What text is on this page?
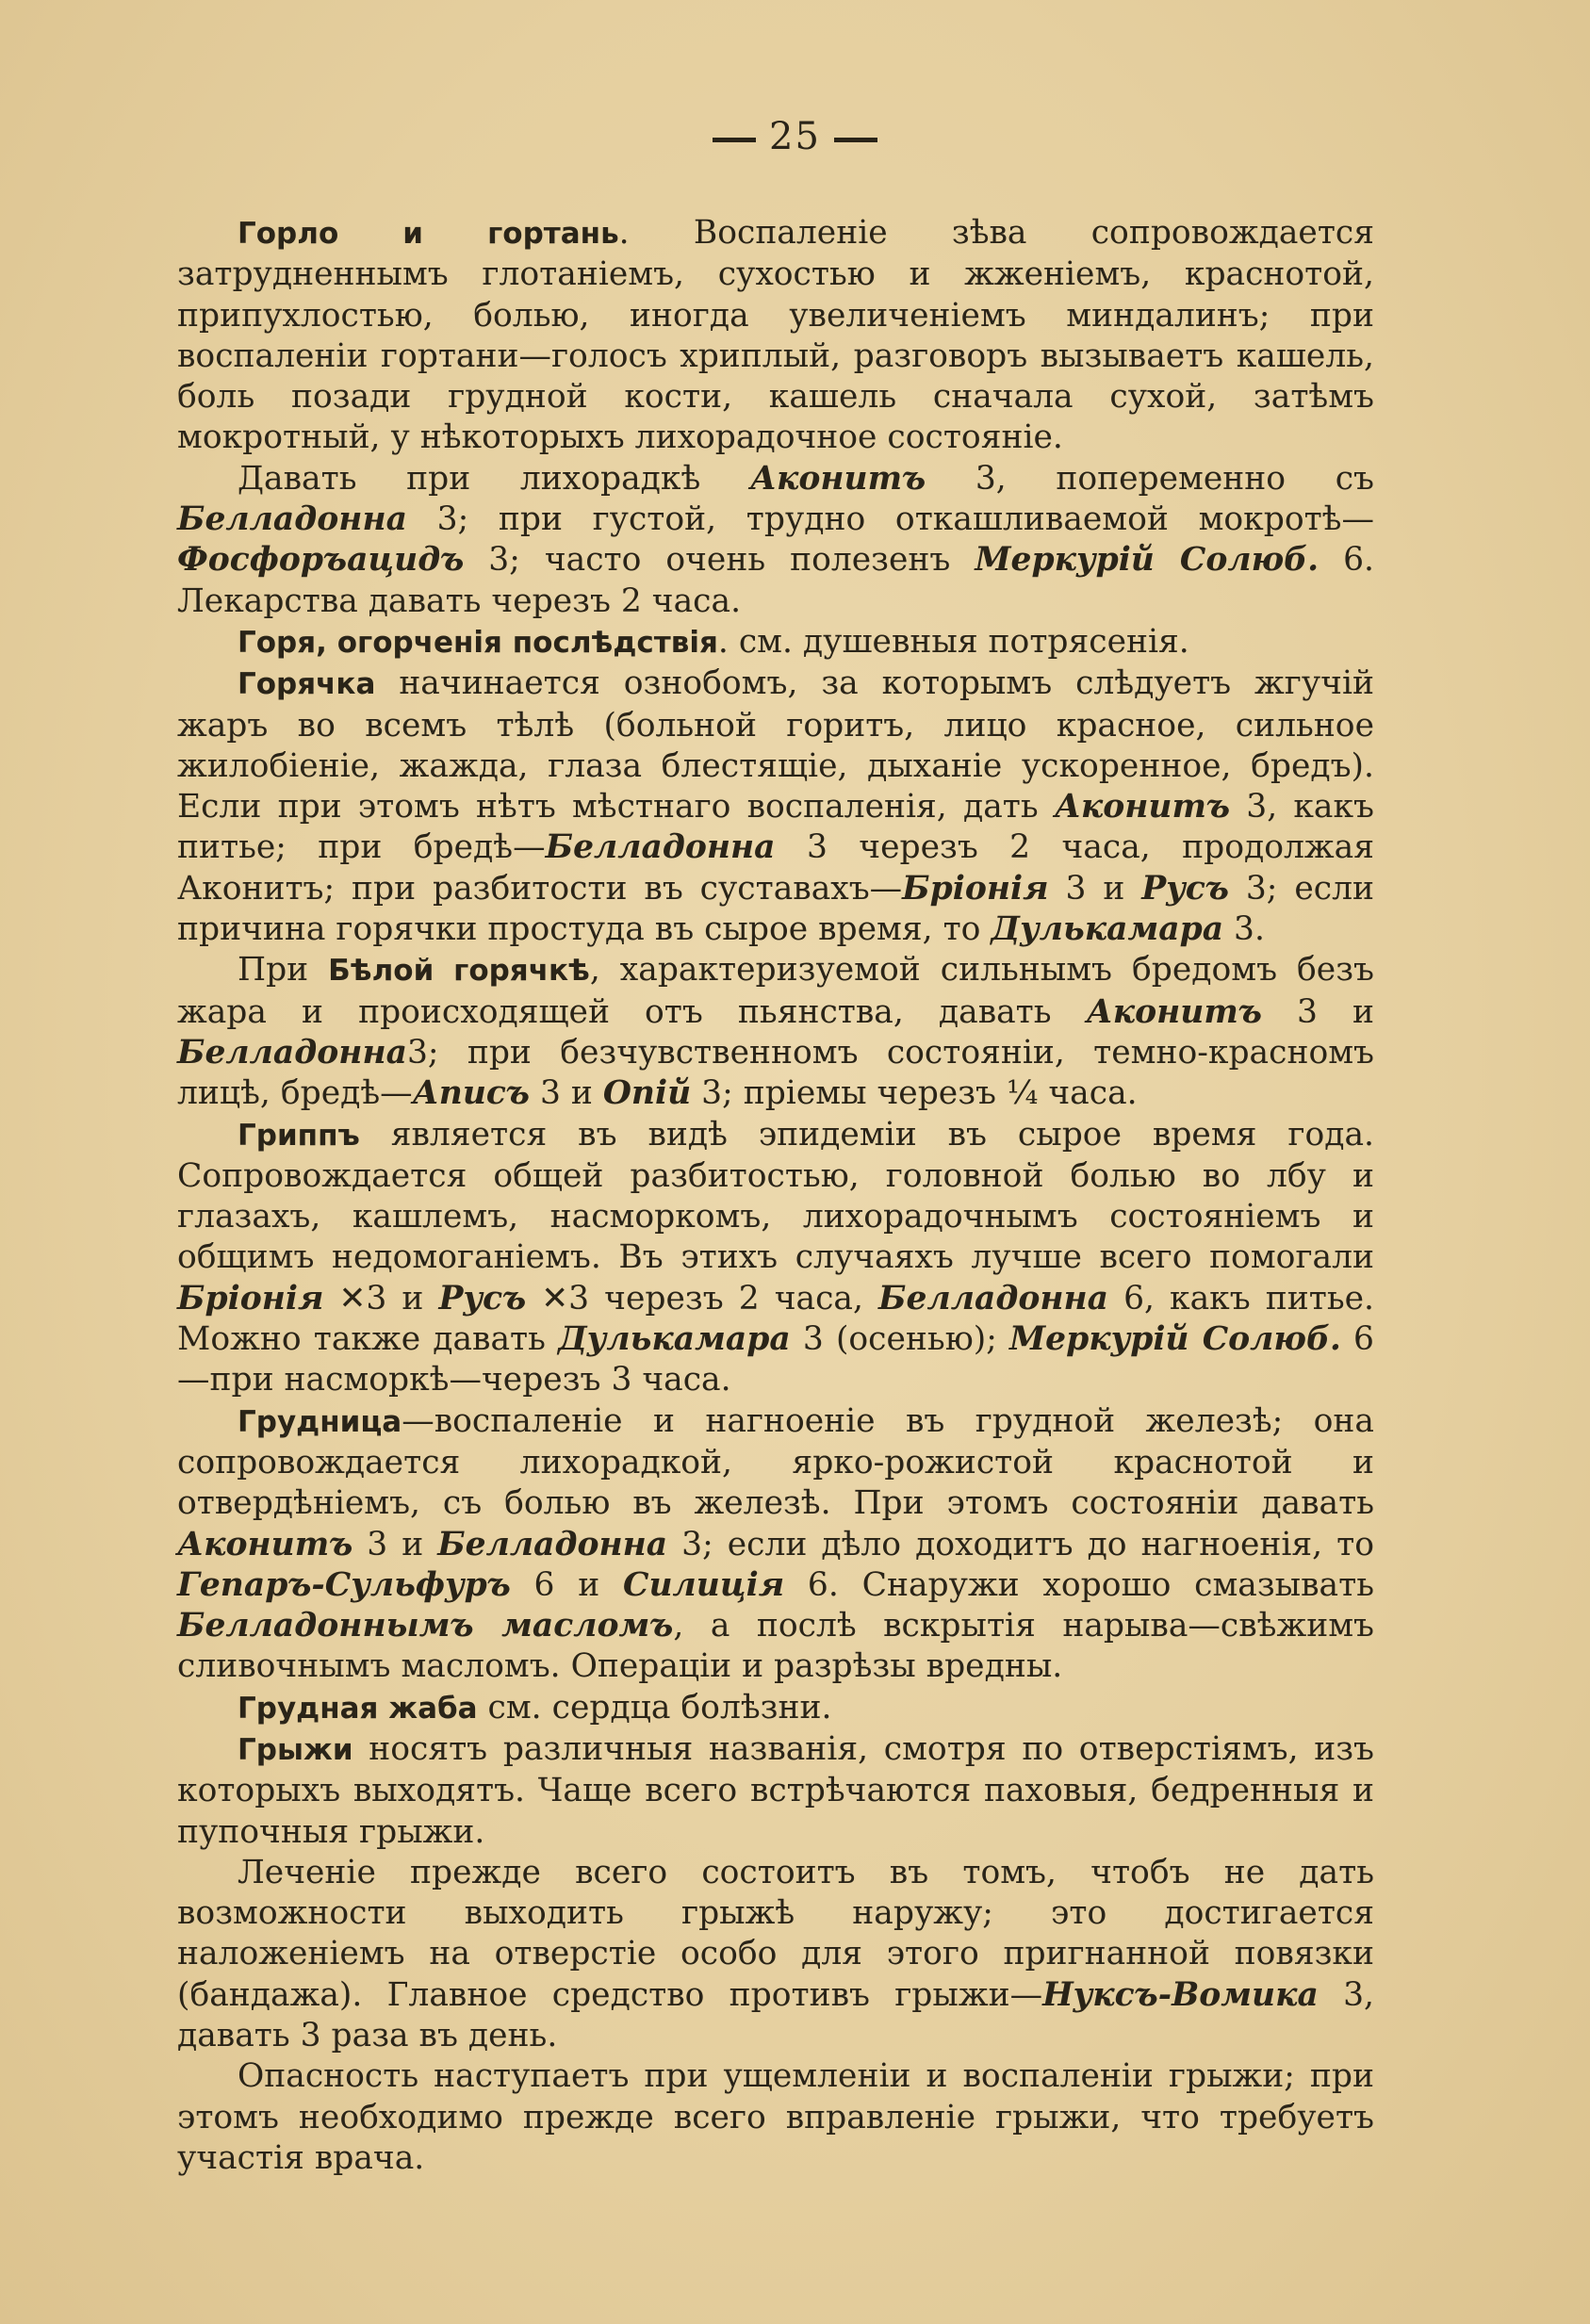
25

Горло и гортань. Воспаленіе зѣва сопровождается затрудненнымъ глотаніемъ, сухостью и жженіемъ, краснотой, припухлостью, болью, иногда увеличеніемъ миндалинъ; при воспаленіи гортани—голосъ хриплый, разговоръ вызываетъ кашель, боль позади грудной кости, кашель сначала сухой, затѣмъ мокротный, у нѣкоторыхъ лихорадочное состояніе.

Давать при лихорадкѣ Аконитъ 3, попеременно съ Белладонна 3; при густой, трудно откашливаемой мокротѣ—Фосфоръацидъ 3; часто очень полезенъ Меркурій Солюб. 6. Лекарства давать черезъ 2 часа.

Горя, огорченія послѣдствія. см. душевныя потрясенія.

Горячка начинается ознобомъ, за которымъ слѣдуетъ жгучій жаръ во всемъ тѣлѣ (больной горитъ, лицо красное, сильное жилобіеніе, жажда, глаза блестящіе, дыханіе ускоренное, бредъ). Если при этомъ нѣтъ мѣстнаго воспаленія, дать Аконитъ 3, какъ питье; при бредѣ—Белладонна 3 черезъ 2 часа, продолжая Аконитъ; при разбитости въ суставахъ—Бріонія 3 и Русъ 3; если причина горячки простуда въ сырое время, то Дулькамара 3.

При Бѣлой горячкѣ, характеризуемой сильнымъ бредомъ безъ жара и происходящей отъ пьянства, давать Аконитъ 3 и Белладонна3; при безчувственномъ состояніи, темно-красномъ лицѣ, бредѣ—Аписъ 3 и Опій 3; пріемы черезъ ¼ часа.

Гриппъ является въ видѣ эпидеміи въ сырое время года. Сопровождается общей разбитостью, головной болью во лбу и глазахъ, кашлемъ, насморкомъ, лихорадочнымъ состояніемъ и общимъ недомоганіемъ. Въ этихъ случаяхъ лучше всего помогали Бріонія ✕3 и Русъ ✕3 черезъ 2 часа, Белладонна 6, какъ питье. Можно также давать Дулькамара 3 (осенью); Меркурій Солюб. 6—при насморкѣ—черезъ 3 часа.

Грудница—воспаленіе и нагноеніе въ грудной железѣ; она сопровождается лихорадкой, ярко-рожистой краснотой и отвердѣніемъ, съ болью въ железѣ. При этомъ состояніи давать Аконитъ 3 и Белладонна 3; если дѣло доходитъ до нагноенія, то Гепаръ-Сульфуръ 6 и Силиція 6. Снаружи хорошо смазывать Белладоннымъ масломъ, а послѣ вскрытія нарыва—свѣжимъ сливочнымъ масломъ. Операціи и разрѣзы вредны.

Грудная жаба см. сердца болѣзни.

Грыжи носятъ различныя названія, смотря по отверстіямъ, изъ которыхъ выходятъ. Чаще всего встрѣчаются паховыя, бедренныя и пупочныя грыжи.

Леченіе прежде всего состоитъ въ томъ, чтобъ не дать возможности выходить грыжѣ наружу; это достигается наложеніемъ на отверстіе особо для этого пригнанной повязки (бандажа). Главное средство противъ грыжи—Нуксъ-Вомика 3, давать 3 раза въ день.

Опасность наступаетъ при ущемленіи и воспаленіи грыжи; при этомъ необходимо прежде всего вправленіе грыжи, что требуетъ участія врача.
